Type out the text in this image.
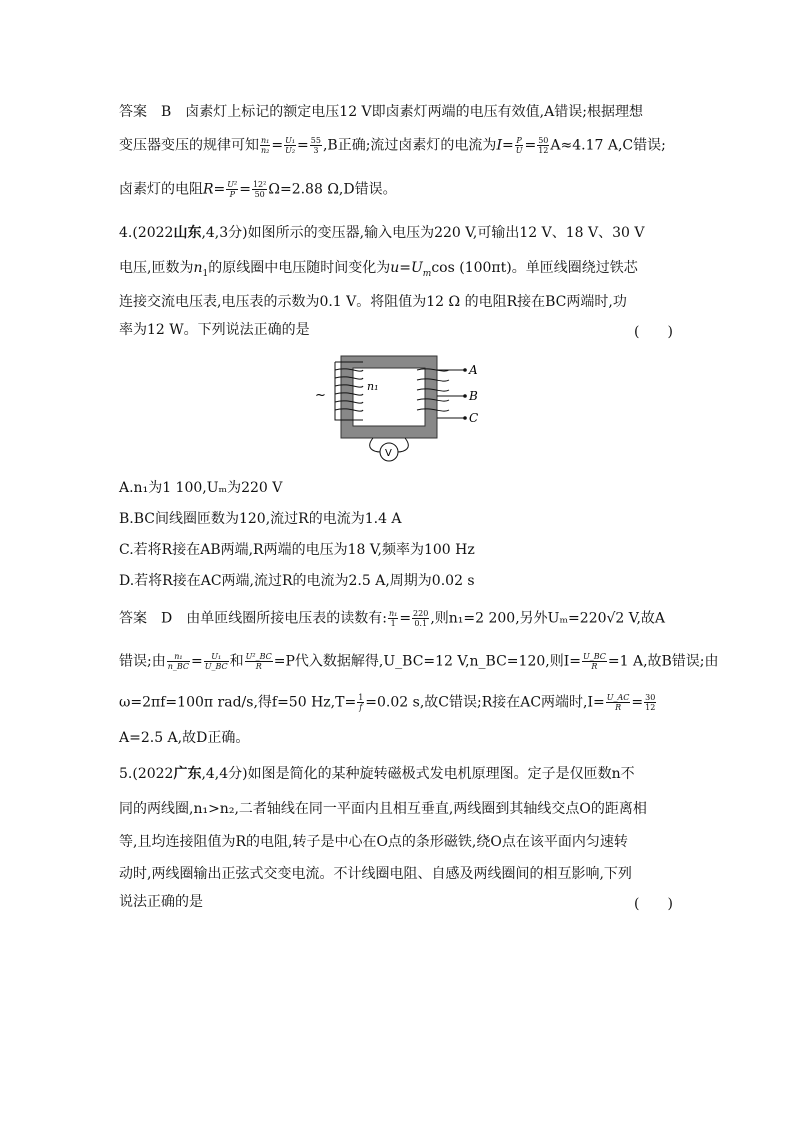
答案　B　卤素灯上标记的额定电压12 V即卤素灯两端的电压有效值,A错误;根据理想
变压器变压的规律可知 $\frac{\text{n₁}}{\text{n₂}} = \frac{\text{U₁}}{\text{U₂}} = \frac{55}{3} ,B$正确;流过卤素灯的电流为$I= \frac{P}{U} = \frac{50}{12} A\approx 4.17$ A,C错误;
卤素灯的电阻$R= \frac{\text{U²}}{P} = \frac{\text{12²}}{50} \Omega=2.88$ Ω,D错误。
4.(2022山东,4,3分)如图所示的变压器,输入电压为220 V,可输出12 V、18 V、30 V
电压,匝数为$n_1$的原线圈中电压随时间变化为$u=U_m\cos$ (100πt)。单匝线圈绕过铁芯
连接交流电压表,电压表的示数为0.1 V。将阻值为12 Ω 的电阻R接在BC两端时,功
率为12 W。下列说法正确的是	(　　)
~
n₁
A
B
C
V
A.n₁为1 100,Uₘ为220 V
B.BC间线圈匝数为120,流过R的电流为1.4 A
C.若将R接在AB两端,R两端的电压为18 V,频率为100 Hz
D.若将R接在AC两端,流过R的电流为2.5 A,周期为0.02 s
答案　D　由单匝线圈所接电压表的读数有: $\frac{\text{n₁}}{1} = \frac{220}{0.1}$ ,则n₁=2 200,另外Uₘ=220√2 V,故A
错误;由 $\frac{\text{n₁}}{n\_BC} = \frac{\text{U₁}}{U\_BC}$ 和 $\frac{\text{U²\_BC}}{R} =P$代入数据解得,U_BC=12 V,n_BC=120,则$I= \frac{U\_BC}{R} =1$ A,故B错误;由
ω=2πf=100π rad/s,得f=50 $Hz,T= \frac{1}{f} =0.02$ s,故C错误;R接在AC两端时$,I= \frac{U\_AC}{R} = \frac{30}{12}$
A=2.5 A,故D正确。
5.(2022广东,4,4分)如图是简化的某种旋转磁极式发电机原理图。定子是仅匝数n不
同的两线圈,n₁>n₂,二者轴线在同一平面内且相互垂直,两线圈到其轴线交点O的距离相
等,且均连接阻值为R的电阻,转子是中心在O点的条形磁铁,绕O点在该平面内匀速转
动时,两线圈输出正弦式交变电流。不计线圈电阻、自感及两线圈间的相互影响,下列
说法正确的是	(　　)
